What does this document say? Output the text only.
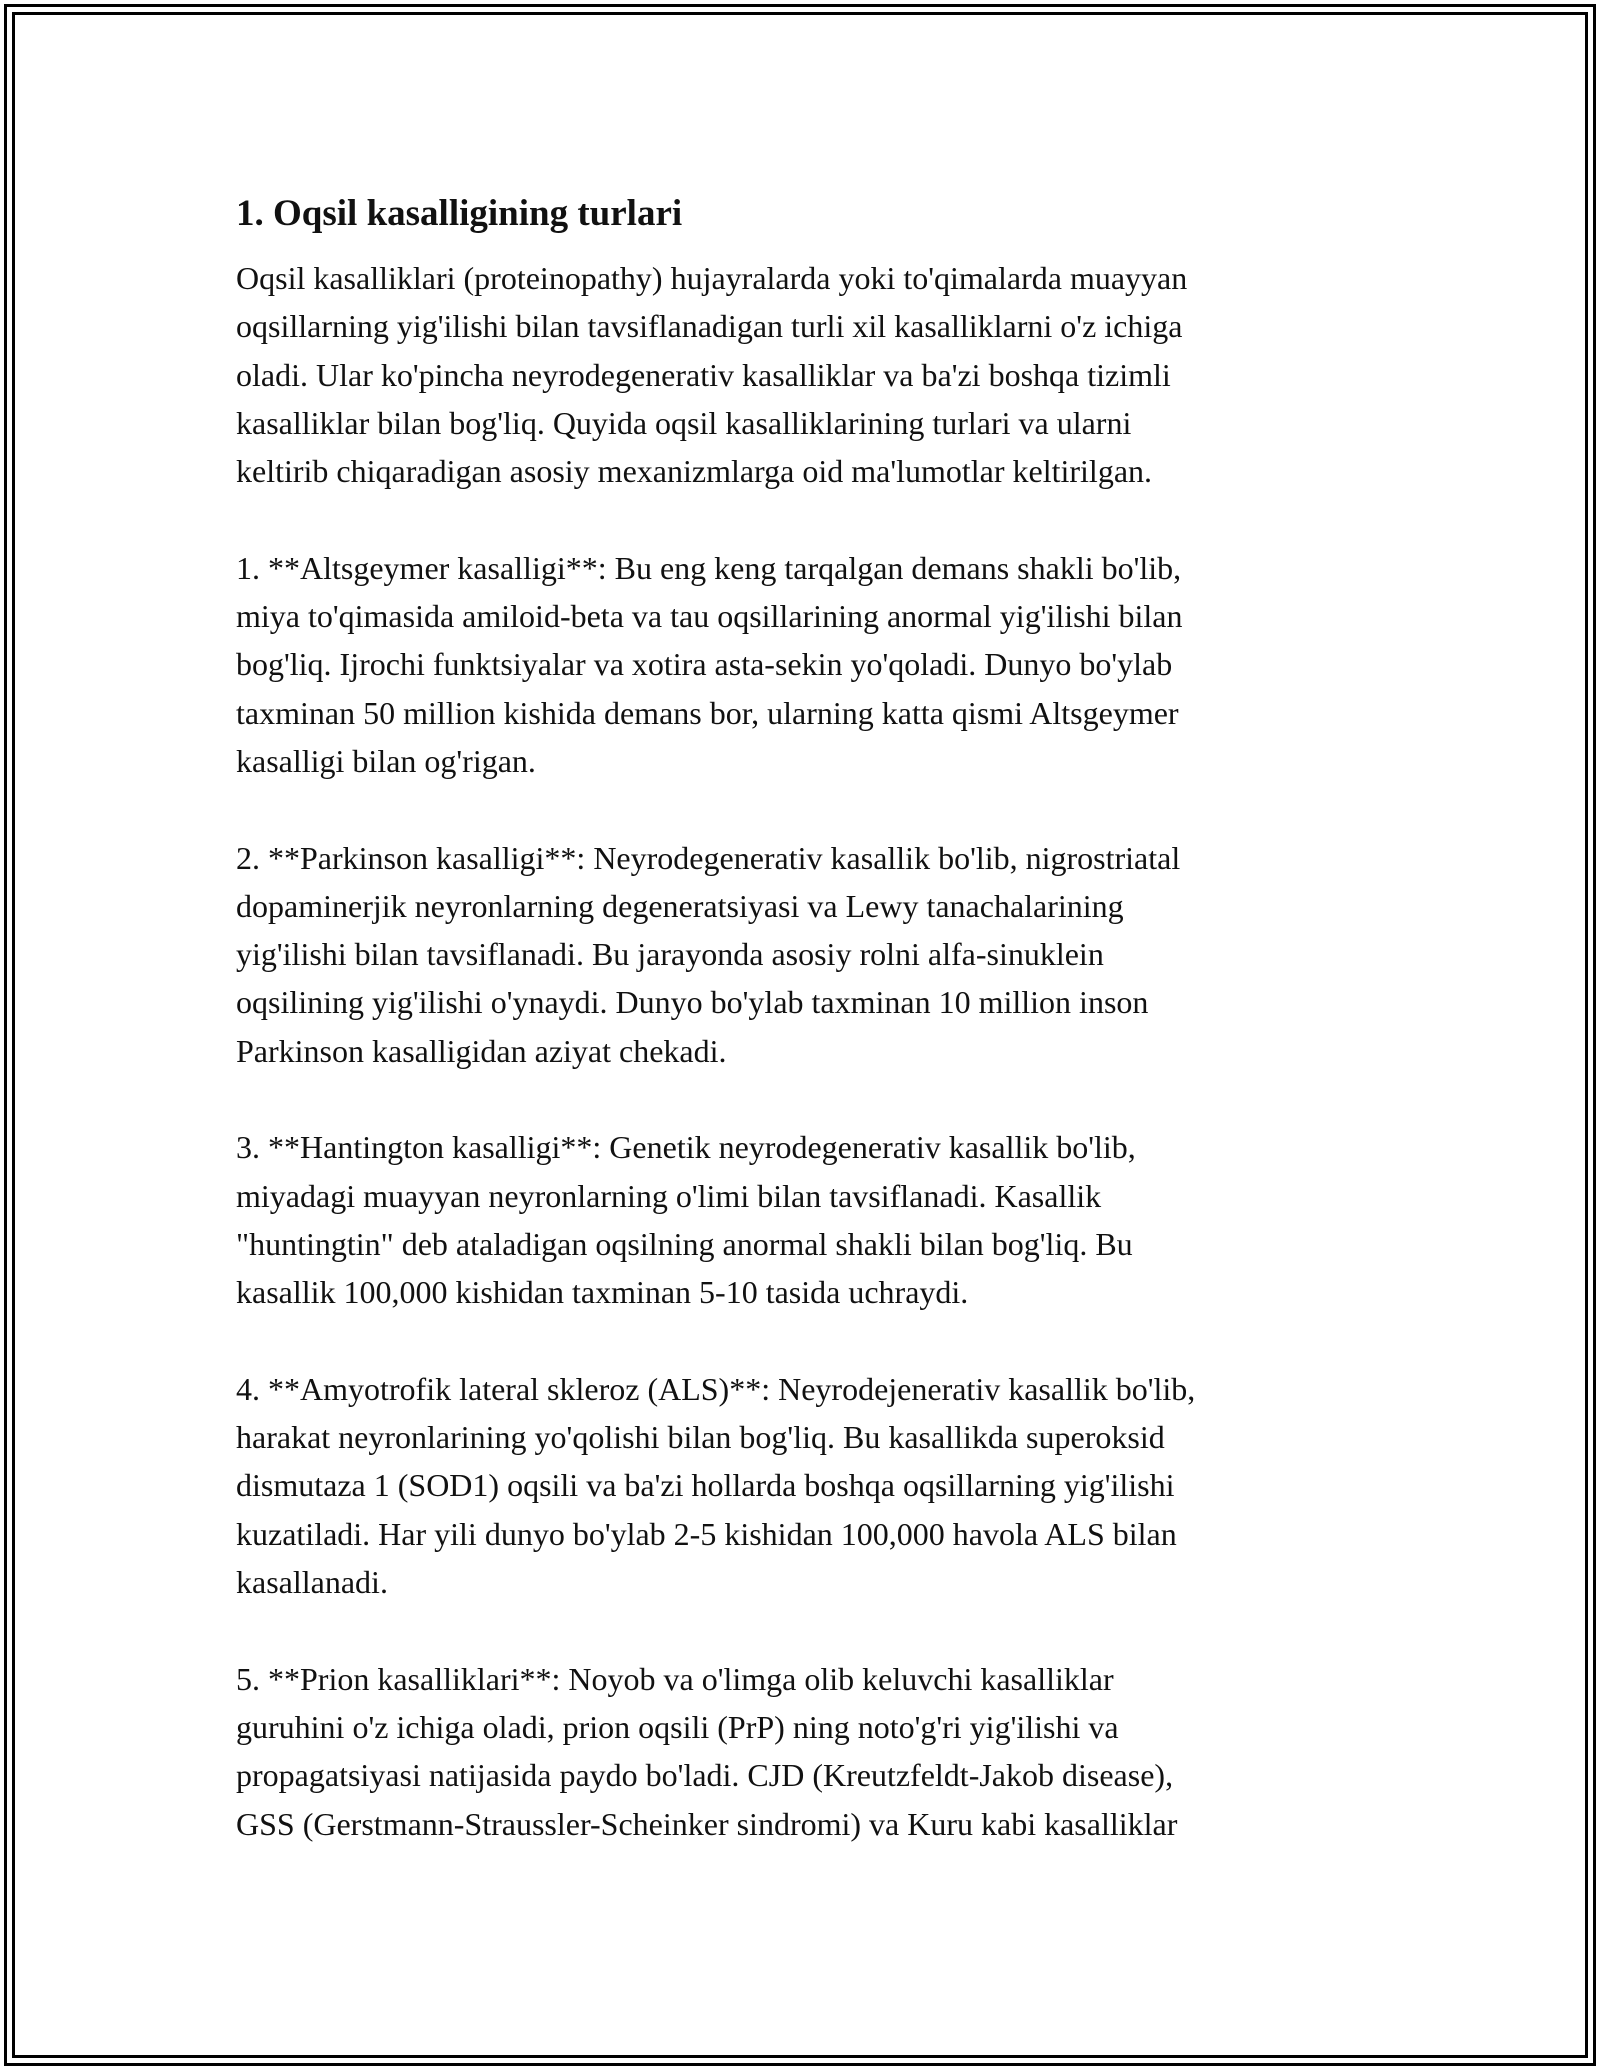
1. Oqsil kasalligining turlari
Oqsil kasalliklari (proteinopathy) hujayralarda yoki to'qimalarda muayyan
oqsillarning yig'ilishi bilan tavsiflanadigan turli xil kasalliklarni o'z ichiga
oladi. Ular ko'pincha neyrodegenerativ kasalliklar va ba'zi boshqa tizimli
kasalliklar bilan bog'liq. Quyida oqsil kasalliklarining turlari va ularni
keltirib chiqaradigan asosiy mexanizmlarga oid ma'lumotlar keltirilgan.
1. **Altsgeymer kasalligi**: Bu eng keng tarqalgan demans shakli bo'lib,
miya to'qimasida amiloid-beta va tau oqsillarining anormal yig'ilishi bilan
bog'liq. Ijrochi funktsiyalar va xotira asta-sekin yo'qoladi. Dunyo bo'ylab
taxminan 50 million kishida demans bor, ularning katta qismi Altsgeymer
kasalligi bilan og'rigan.
2. **Parkinson kasalligi**: Neyrodegenerativ kasallik bo'lib, nigrostriatal
dopaminerjik neyronlarning degeneratsiyasi va Lewy tanachalarining
yig'ilishi bilan tavsiflanadi. Bu jarayonda asosiy rolni alfa-sinuklein
oqsilining yig'ilishi o'ynaydi. Dunyo bo'ylab taxminan 10 million inson
Parkinson kasalligidan aziyat chekadi.
3. **Hantington kasalligi**: Genetik neyrodegenerativ kasallik bo'lib,
miyadagi muayyan neyronlarning o'limi bilan tavsiflanadi. Kasallik
"huntingtin" deb ataladigan oqsilning anormal shakli bilan bog'liq. Bu
kasallik 100,000 kishidan taxminan 5-10 tasida uchraydi.
4. **Amyotrofik lateral skleroz (ALS)**: Neyrodejenerativ kasallik bo'lib,
harakat neyronlarining yo'qolishi bilan bog'liq. Bu kasallikda superoksid
dismutaza 1 (SOD1) oqsili va ba'zi hollarda boshqa oqsillarning yig'ilishi
kuzatiladi. Har yili dunyo bo'ylab 2-5 kishidan 100,000 havola ALS bilan
kasallanadi.
5. **Prion kasalliklari**: Noyob va o'limga olib keluvchi kasalliklar
guruhini o'z ichiga oladi, prion oqsili (PrP) ning noto'g'ri yig'ilishi va
propagatsiyasi natijasida paydo bo'ladi. CJD (Kreutzfeldt-Jakob disease),
GSS (Gerstmann-Straussler-Scheinker sindromi) va Kuru kabi kasalliklar
